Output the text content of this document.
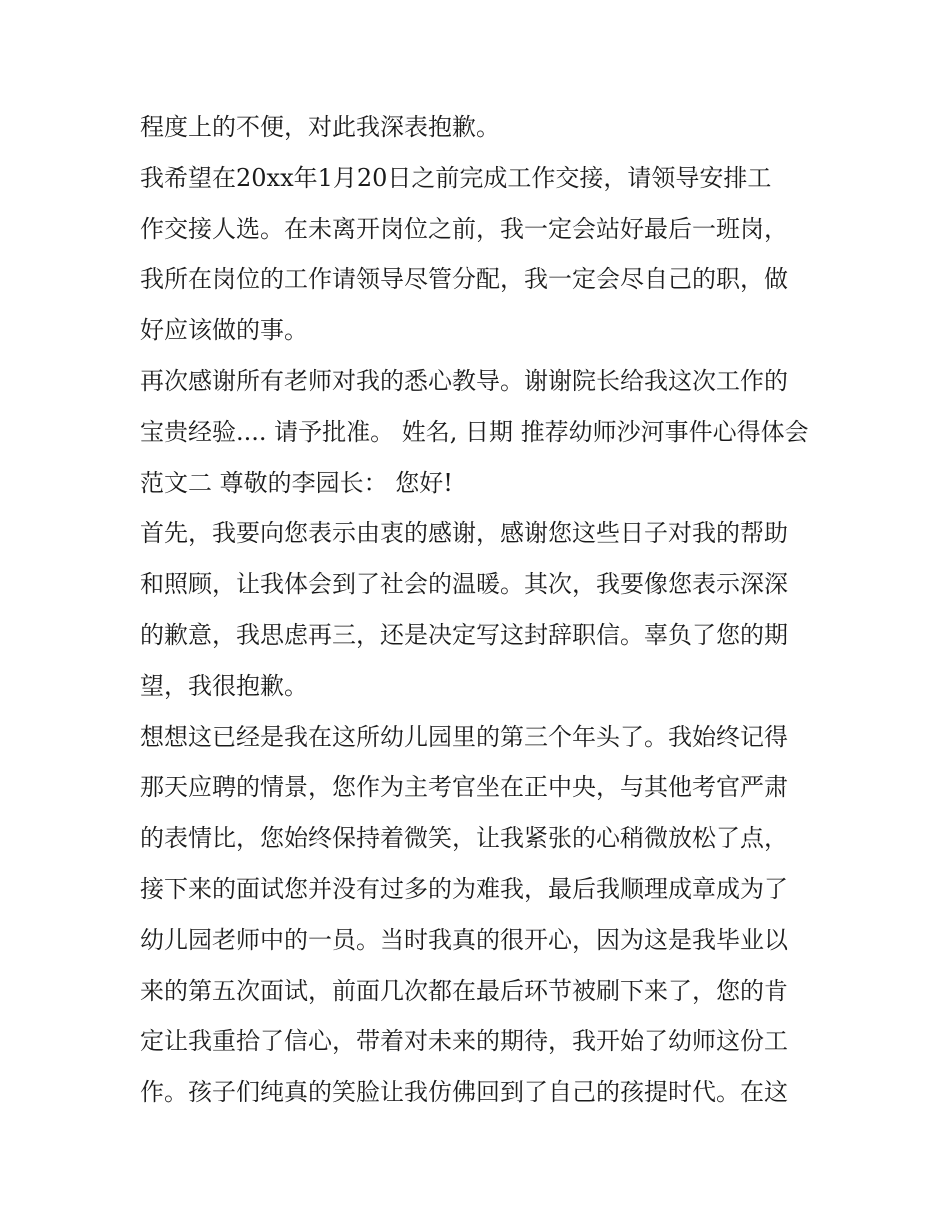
程度上的不便，对此我深表抱歉。
我希望在20xx年1月20日之前完成工作交接，请领导安排工
作交接人选。在未离开岗位之前，我一定会站好最后一班岗，
我所在岗位的工作请领导尽管分配，我一定会尽自己的职，做
好应该做的事。
再次感谢所有老师对我的悉心教导。谢谢院长给我这次工作的
宝贵经验.... 请予批准。 姓名, 日期 推荐幼师沙河事件心得体会
范文二 尊敬的李园长： 您好!
首先，我要向您表示由衷的感谢，感谢您这些日子对我的帮助
和照顾，让我体会到了社会的温暖。其次，我要像您表示深深
的歉意，我思虑再三，还是决定写这封辞职信。辜负了您的期
望，我很抱歉。
想想这已经是我在这所幼儿园里的第三个年头了。我始终记得
那天应聘的情景，您作为主考官坐在正中央，与其他考官严肃
的表情比，您始终保持着微笑，让我紧张的心稍微放松了点，
接下来的面试您并没有过多的为难我，最后我顺理成章成为了
幼儿园老师中的一员。当时我真的很开心，因为这是我毕业以
来的第五次面试，前面几次都在最后环节被刷下来了，您的肯
定让我重拾了信心，带着对未来的期待，我开始了幼师这份工
作。孩子们纯真的笑脸让我仿佛回到了自己的孩提时代。在这
